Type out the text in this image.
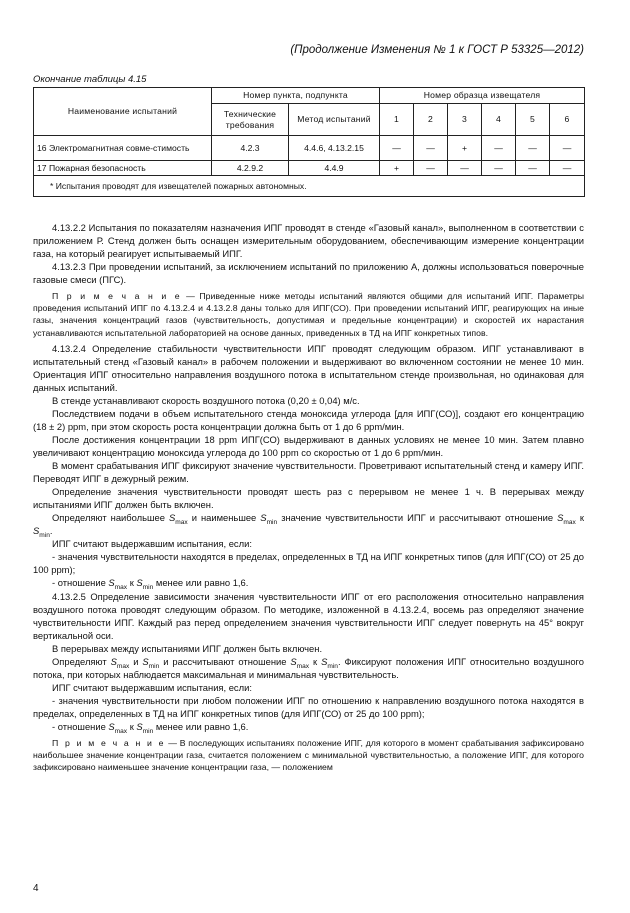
(Продолжение Изменения № 1 к ГОСТ Р 53325—2012)
Окончание таблицы 4.15
Наименование испытаний	Номер пункта, подпункта		Номер образца извещателя					
	Технические требования	Метод испытаний	1	2	3	4	5	6
16 Электромагнитная совме-стимость	4.2.3	4.4.6, 4.13.2.15	—	—	+	—	—	—
17 Пожарная безопасность	4.2.9.2	4.4.9	+	—	—	—	—	—
* Испытания проводят для извещателей пожарных автономных.								

4.13.2.2 Испытания по показателям назначения ИПГ проводят в стенде «Газовый канал», выполненном в соответствии с приложением Р. Стенд должен быть оснащен измерительным оборудованием, обеспечивающим измерение концентрации газа, на который реагирует испытываемый ИПГ.

4.13.2.3 При проведении испытаний, за исключением испытаний по приложению А, должны использоваться поверочные газовые смеси (ПГС).

П р и м е ч а н и е — Приведенные ниже методы испытаний являются общими для испытаний ИПГ. Параметры проведения испытаний ИПГ по 4.13.2.4 и 4.13.2.8 даны только для ИПГ(СО). При проведении испытаний ИПГ, реагирующих на иные газы, значения концентраций газов (чувствительность, допустимая и предельные концентрации) и скоростей их нарастания устанавливаются испытательной лабораторией на основе данных, приведенных в ТД на ИПГ конкретных типов.

4.13.2.4 Определение стабильности чувствительности ИПГ проводят следующим образом. ИПГ устанавливают в испытательный стенд «Газовый канал» в рабочем положении и выдерживают во включенном состоянии не менее 10 мин. Ориентация ИПГ относительно направления воздушного потока в испытательном стенде произвольная, но одинаковая для данных испытаний.

В стенде устанавливают скорость воздушного потока (0,20 ± 0,04) м/с.

Последствием подачи в объем испытательного стенда моноксида углерода [для ИПГ(СО)], создают его концентрацию (18 ± 2) ppm, при этом скорость роста концентрации должна быть от 1 до 6 ppm/мин.

После достижения концентрации 18 ppm ИПГ(СО) выдерживают в данных условиях не менее 10 мин. Затем плавно увеличивают концентрацию моноксида углерода до 100 ppm со скоростью от 1 до 6 ppm/мин.

В момент срабатывания ИПГ фиксируют значение чувствительности. Проветривают испытательный стенд и камеру ИПГ. Переводят ИПГ в дежурный режим.

Определение значения чувствительности проводят шесть раз с перерывом не менее 1 ч. В перерывах между испытаниями ИПГ должен быть включен.

Определяют наибольшее $S_{max}$ и наименьшее $S_{min}$ значение чувствительности ИПГ и рассчитывают отношение $S_{max}$ к $S_{min}$.

ИПГ считают выдержавшим испытания, если:

- значения чувствительности находятся в пределах, определенных в ТД на ИПГ конкретных типов (для ИПГ(СО) от 25 до 100 ppm);

- отношение $S_{max}$ к $S_{min}$ менее или равно 1,6.

4.13.2.5 Определение зависимости значения чувствительности ИПГ от его расположения относительно направления воздушного потока проводят следующим образом. По методике, изложенной в 4.13.2.4, восемь раз определяют значение чувствительности ИПГ. Каждый раз перед определением значения чувствительности ИПГ следует повернуть на 45° вокруг вертикальной оси.

В перерывах между испытаниями ИПГ должен быть включен.

Определяют $S_{max}$ и $S_{min}$ и рассчитывают отношение $S_{max}$ к $S_{min}$. Фиксируют положения ИПГ относительно воздушного потока, при которых наблюдается максимальная и минимальная чувствительность.

ИПГ считают выдержавшим испытания, если:

- значения чувствительности при любом положении ИПГ по отношению к направлению воздушного потока находятся в пределах, определенных в ТД на ИПГ конкретных типов (для ИПГ(СО) от 25 до 100 ppm);

- отношение $S_{max}$ к $S_{min}$ менее или равно 1,6.

П р и м е ч а н и е — В последующих испытаниях положение ИПГ, для которого в момент срабатывания зафиксировано наибольшее значение концентрации газа, считается положением с минимальной чувствительностью, а положение ИПГ, для которого зафиксировано наименьшее значение концентрации газа, — положением

4
